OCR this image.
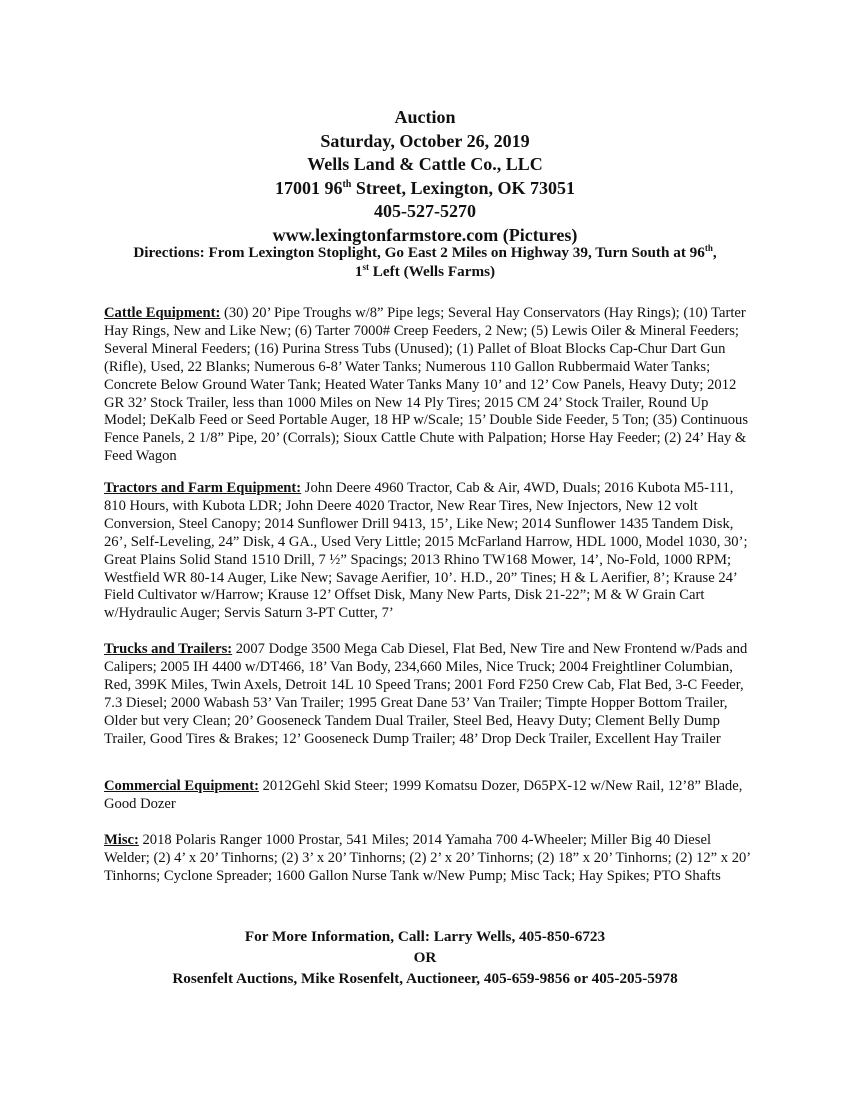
Auction
Saturday, October 26, 2019
Wells Land & Cattle Co., LLC
17001 96th Street, Lexington, OK 73051
405-527-5270
www.lexingtonfarmstore.com (Pictures)
Directions: From Lexington Stoplight, Go East 2 Miles on Highway 39, Turn South at 96th,
1st Left (Wells Farms)
Cattle Equipment: (30) 20’ Pipe Troughs w/8” Pipe legs; Several Hay Conservators (Hay Rings); (10) Tarter Hay Rings, New and Like New; (6) Tarter 7000# Creep Feeders, 2 New; (5) Lewis Oiler & Mineral Feeders; Several Mineral Feeders; (16) Purina Stress Tubs (Unused); (1) Pallet of Bloat Blocks Cap-Chur Dart Gun (Rifle), Used, 22 Blanks; Numerous 6-8’ Water Tanks; Numerous 110 Gallon Rubbermaid Water Tanks; Concrete Below Ground Water Tank; Heated Water Tanks Many 10’ and 12’ Cow Panels, Heavy Duty; 2012 GR 32’ Stock Trailer, less than 1000 Miles on New 14 Ply Tires; 2015 CM 24’ Stock Trailer, Round Up Model; DeKalb Feed or Seed Portable Auger, 18 HP w/Scale; 15’ Double Side Feeder, 5 Ton; (35) Continuous Fence Panels, 2 1/8” Pipe, 20’ (Corrals); Sioux Cattle Chute with Palpation; Horse Hay Feeder; (2) 24’ Hay & Feed Wagon
Tractors and Farm Equipment: John Deere 4960 Tractor, Cab & Air, 4WD, Duals; 2016 Kubota M5-111, 810 Hours, with Kubota LDR; John Deere 4020 Tractor, New Rear Tires, New Injectors, New 12 volt Conversion, Steel Canopy; 2014 Sunflower Drill 9413, 15’, Like New; 2014 Sunflower 1435 Tandem Disk, 26’, Self-Leveling, 24” Disk, 4 GA., Used Very Little; 2015 McFarland Harrow, HDL 1000, Model 1030, 30’; Great Plains Solid Stand 1510 Drill, 7 ½” Spacings; 2013 Rhino TW168 Mower, 14’, No-Fold, 1000 RPM; Westfield WR 80-14 Auger, Like New; Savage Aerifier, 10’. H.D., 20” Tines; H & L Aerifier, 8’; Krause 24’ Field Cultivator w/Harrow; Krause 12’ Offset Disk, Many New Parts, Disk 21-22”; M & W Grain Cart w/Hydraulic Auger; Servis Saturn 3-PT Cutter, 7’
Trucks and Trailers: 2007 Dodge 3500 Mega Cab Diesel, Flat Bed, New Tire and New Frontend w/Pads and Calipers; 2005 IH 4400 w/DT466, 18’ Van Body, 234,660 Miles, Nice Truck; 2004 Freightliner Columbian, Red, 399K Miles, Twin Axels, Detroit 14L 10 Speed Trans; 2001 Ford F250 Crew Cab, Flat Bed, 3-C Feeder, 7.3 Diesel; 2000 Wabash 53’ Van Trailer; 1995 Great Dane 53’ Van Trailer; Timpte Hopper Bottom Trailer, Older but very Clean; 20’ Gooseneck Tandem Dual Trailer, Steel Bed, Heavy Duty; Clement Belly Dump Trailer, Good Tires & Brakes; 12’ Gooseneck Dump Trailer; 48’ Drop Deck Trailer, Excellent Hay Trailer
Commercial Equipment: 2012Gehl Skid Steer; 1999 Komatsu Dozer, D65PX-12 w/New Rail, 12’8” Blade, Good Dozer
Misc: 2018 Polaris Ranger 1000 Prostar, 541 Miles; 2014 Yamaha 700 4-Wheeler; Miller Big 40 Diesel Welder; (2) 4’ x 20’ Tinhorns; (2) 3’ x 20’ Tinhorns; (2) 2’ x 20’ Tinhorns; (2) 18” x 20’ Tinhorns; (2) 12” x 20’ Tinhorns; Cyclone Spreader; 1600 Gallon Nurse Tank w/New Pump; Misc Tack; Hay Spikes; PTO Shafts
For More Information, Call: Larry Wells, 405-850-6723
OR
Rosenfelt Auctions, Mike Rosenfelt, Auctioneer, 405-659-9856 or 405-205-5978
